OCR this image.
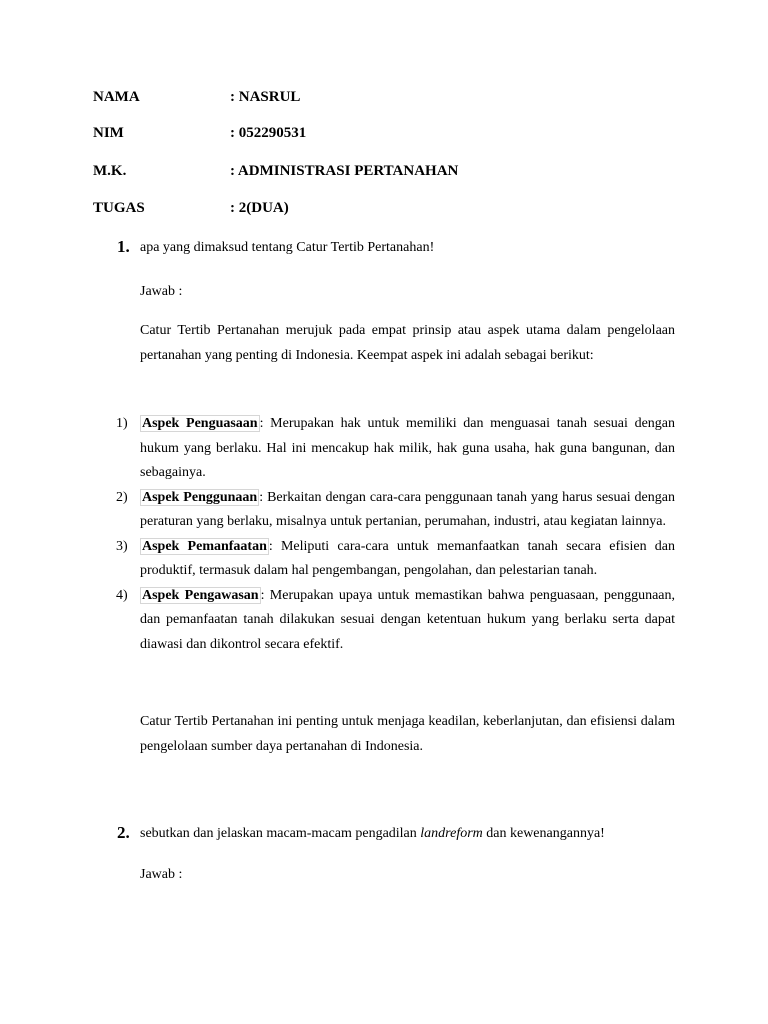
NAMA	: NASRUL
NIM	: 052290531
M.K.	: ADMINISTRASI PERTANAHAN
TUGAS	: 2(DUA)
1. apa yang dimaksud tentang Catur Tertib Pertanahan!
Jawab :
Catur Tertib Pertanahan merujuk pada empat prinsip atau aspek utama dalam pengelolaan pertanahan yang penting di Indonesia. Keempat aspek ini adalah sebagai berikut:
1) Aspek Penguasaan : Merupakan hak untuk memiliki dan menguasai tanah sesuai dengan hukum yang berlaku. Hal ini mencakup hak milik, hak guna usaha, hak guna bangunan, dan sebagainya.
2) Aspek Penggunaan : Berkaitan dengan cara-cara penggunaan tanah yang harus sesuai dengan peraturan yang berlaku, misalnya untuk pertanian, perumahan, industri, atau kegiatan lainnya.
3) Aspek Pemanfaatan : Meliputi cara-cara untuk memanfaatkan tanah secara efisien dan produktif, termasuk dalam hal pengembangan, pengolahan, dan pelestarian tanah.
4) Aspek Pengawasan : Merupakan upaya untuk memastikan bahwa penguasaan, penggunaan, dan pemanfaatan tanah dilakukan sesuai dengan ketentuan hukum yang berlaku serta dapat diawasi dan dikontrol secara efektif.
Catur Tertib Pertanahan ini penting untuk menjaga keadilan, keberlanjutan, dan efisiensi dalam pengelolaan sumber daya pertanahan di Indonesia.
2. sebutkan dan jelaskan macam-macam pengadilan landreform dan kewenangannya!
Jawab :
